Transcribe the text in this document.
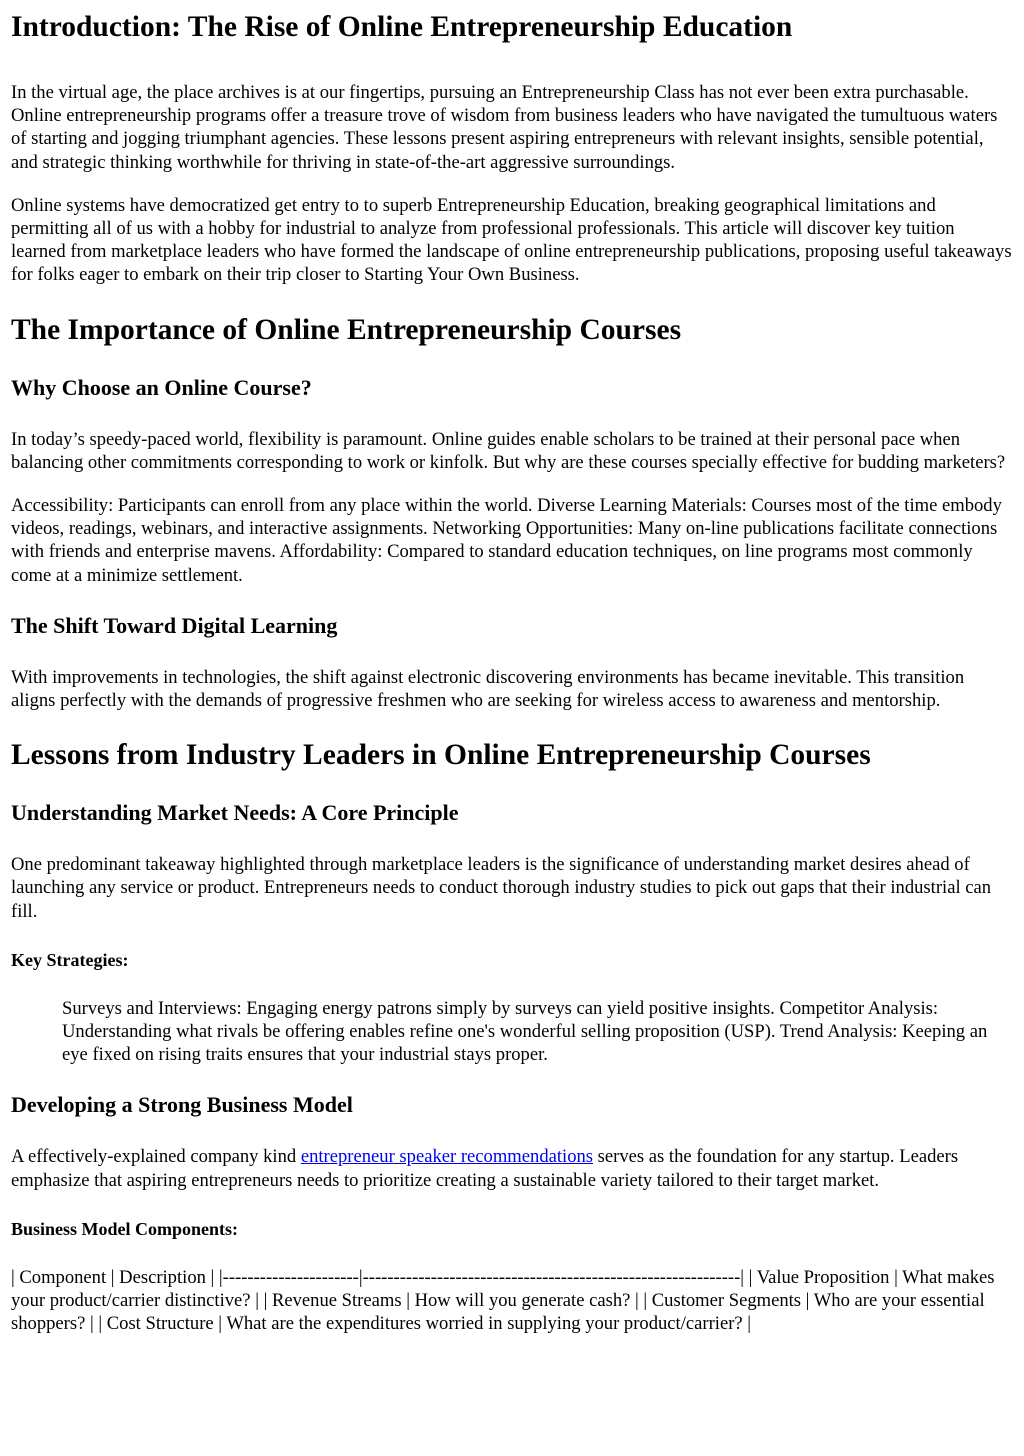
Introduction: The Rise of Online Entrepreneurship Education

In the virtual age, the place archives is at our fingertips, pursuing an Entrepreneurship Class has not ever been extra purchasable. Online entrepreneurship programs offer a treasure trove of wisdom from business leaders who have navigated the tumultuous waters of starting and jogging triumphant agencies. These lessons present aspiring entrepreneurs with relevant insights, sensible potential, and strategic thinking worthwhile for thriving in state-of-the-art aggressive surroundings.

Online systems have democratized get entry to to superb Entrepreneurship Education, breaking geographical limitations and permitting all of us with a hobby for industrial to analyze from professional professionals. This article will discover key tuition learned from marketplace leaders who have formed the landscape of online entrepreneurship publications, proposing useful takeaways for folks eager to embark on their trip closer to Starting Your Own Business.

The Importance of Online Entrepreneurship Courses
Why Choose an Online Course?

In today’s speedy-paced world, flexibility is paramount. Online guides enable scholars to be trained at their personal pace when balancing other commitments corresponding to work or kinfolk. But why are these courses specially effective for budding marketers?

Accessibility: Participants can enroll from any place within the world. Diverse Learning Materials: Courses most of the time embody videos, readings, webinars, and interactive assignments. Networking Opportunities: Many on-line publications facilitate connections with friends and enterprise mavens. Affordability: Compared to standard education techniques, on line programs most commonly come at a minimize settlement.

The Shift Toward Digital Learning

With improvements in technologies, the shift against electronic discovering environments has became inevitable. This transition aligns perfectly with the demands of progressive freshmen who are seeking for wireless access to awareness and mentorship.

Lessons from Industry Leaders in Online Entrepreneurship Courses
Understanding Market Needs: A Core Principle

One predominant takeaway highlighted through marketplace leaders is the significance of understanding market desires ahead of launching any service or product. Entrepreneurs needs to conduct thorough industry studies to pick out gaps that their industrial can fill.

Key Strategies:

Surveys and Interviews: Engaging energy patrons simply by surveys can yield positive insights. Competitor Analysis: Understanding what rivals be offering enables refine one's wonderful selling proposition (USP). Trend Analysis: Keeping an eye fixed on rising traits ensures that your industrial stays proper.

Developing a Strong Business Model

A effectively-explained company kind entrepreneur speaker recommendations serves as the foundation for any startup. Leaders emphasize that aspiring entrepreneurs needs to prioritize creating a sustainable variety tailored to their target market.

Business Model Components:

| Component | Description | |----------------------|-------------------------------------------------------------| | Value Proposition | What makes your product/carrier distinctive? | | Revenue Streams | How will you generate cash? | | Customer Segments | Who are your essential shoppers? | | Cost Structure | What are the expenditures worried in supplying your product/carrier? |
